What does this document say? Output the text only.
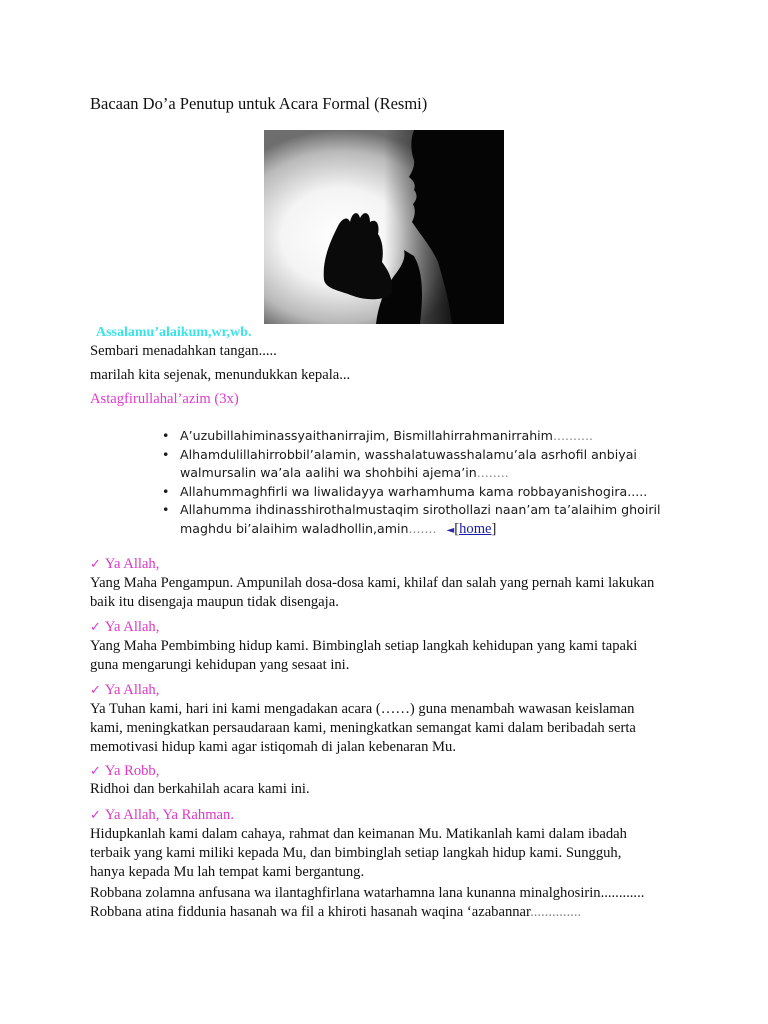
Bacaan Do’a Penutup untuk Acara Formal (Resmi)
Assalamu’alaikum,wr,wb.
Sembari menadahkan tangan.....
marilah kita sejenak, menundukkan kepala...
Astagfirullahal’azim (3x)
• A’uzubillahiminassyaithanirrajim, Bismillahirrahmanirrahim..........
• Alhamdulillahirrobbil’alamin, wasshalatuwasshalamu’ala asrhofil anbiyai
walmursalin wa’ala aalihi wa shohbihi ajema’in........
• Allahummaghfirli wa liwalidayya warhamhuma kama robbayanishogira.....
• Allahumma ihdinasshirothalmustaqim sirothollazi naan’am ta’alaihim ghoiril
maghdu bi’alaihim waladhollin,amin....... ◄[home]
✓ Ya Allah,
Yang Maha Pengampun. Ampunilah dosa-dosa kami, khilaf dan salah yang pernah kami lakukan
baik itu disengaja maupun tidak disengaja.
✓ Ya Allah,
Yang Maha Pembimbing hidup kami. Bimbinglah setiap langkah kehidupan yang kami tapaki
guna mengarungi kehidupan yang sesaat ini.
✓ Ya Allah,
Ya Tuhan kami, hari ini kami mengadakan acara (……) guna menambah wawasan keislaman
kami, meningkatkan persaudaraan kami, meningkatkan semangat kami dalam beribadah serta
memotivasi hidup kami agar istiqomah di jalan kebenaran Mu.
✓ Ya Robb,
Ridhoi dan berkahilah acara kami ini.
✓ Ya Allah, Ya Rahman.
Hidupkanlah kami dalam cahaya, rahmat dan keimanan Mu. Matikanlah kami dalam ibadah
terbaik yang kami miliki kepada Mu, dan bimbinglah setiap langkah hidup kami. Sungguh,
hanya kepada Mu lah tempat kami bergantung.
Robbana zolamna anfusana wa ilantaghfirlana watarhamna lana kunanna minalghosirin............
Robbana atina fiddunia hasanah wa fil a khiroti hasanah waqina ‘azabannar..............
